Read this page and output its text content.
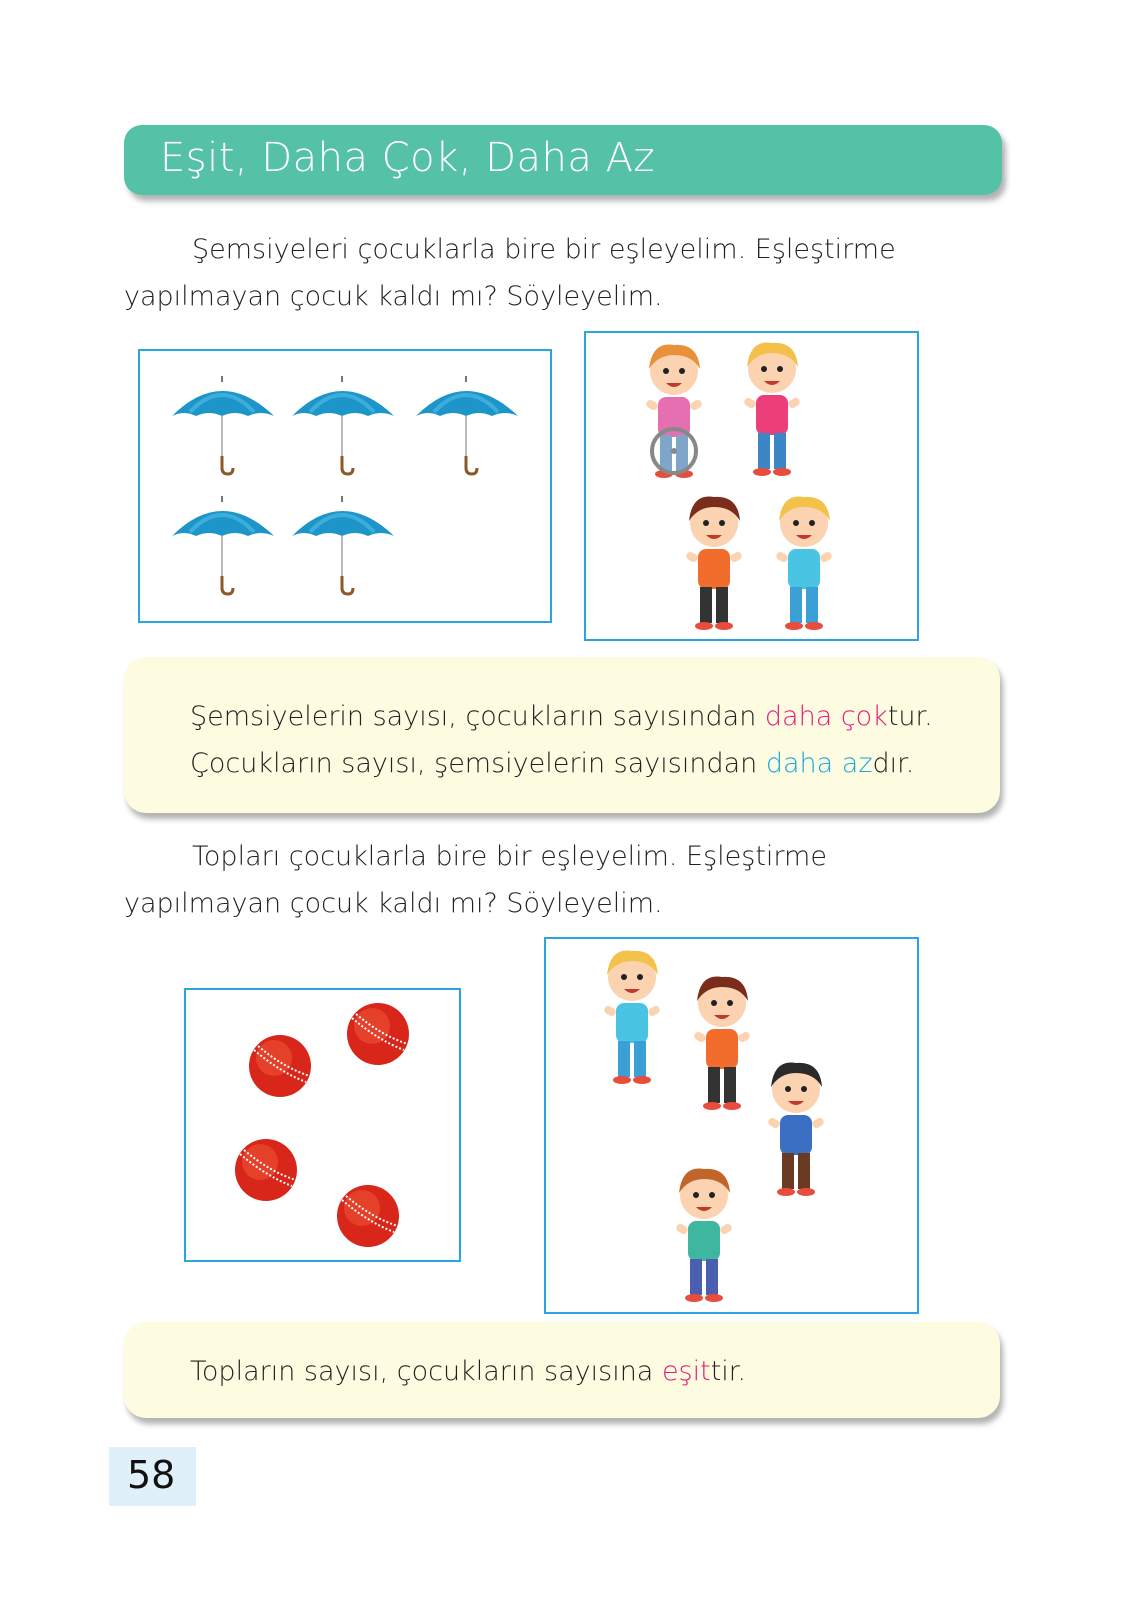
Eşit, Daha Çok, Daha Az
Şemsiyeleri çocuklarla bire bir eşleyelim. Eşleştirme
yapılmayan çocuk kaldı mı? Söyleyelim.
Şemsiyelerin sayısı, çocukların sayısından daha çoktur.
Çocukların sayısı, şemsiyelerin sayısından daha azdır.
Topları çocuklarla bire bir eşleyelim. Eşleştirme
yapılmayan çocuk kaldı mı? Söyleyelim.
Topların sayısı, çocukların sayısına eşittir.
58
